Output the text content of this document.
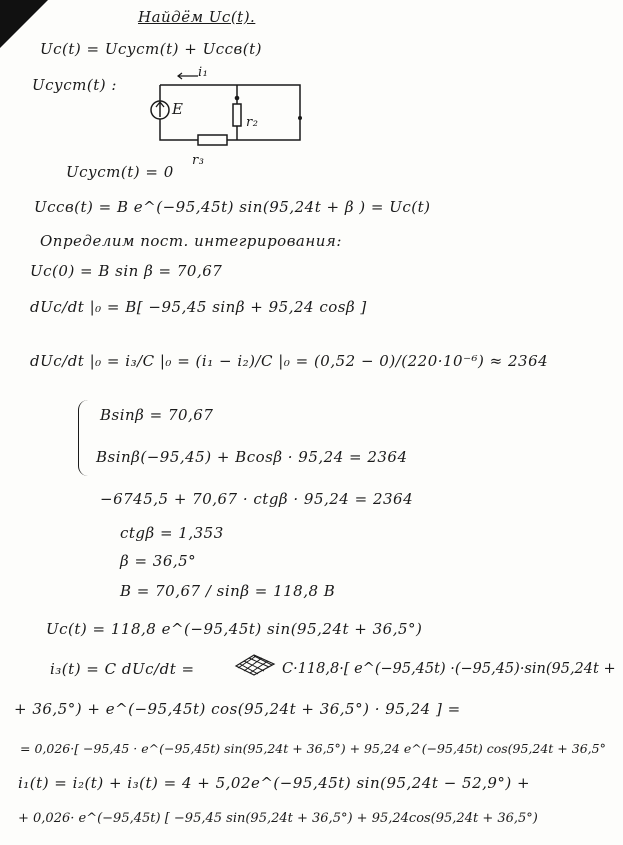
Найдём Uc(t).
Uc(t) = Ucуст(t) + Ucсв(t)
Ucуст(t) :
E
i₁
r₂
r₃
Ucуст(t) = 0
Ucсв(t) = B e^(−95,45t) sin(95,24t + β ) = Uc(t)
Определим пост. интегрирования:
Uc(0) = B sin β = 70,67
dUc/dt |₀ = B[ −95,45 sinβ + 95,24 cosβ ]
dUc/dt |₀ = i₃/C |₀ = (i₁ − i₂)/C |₀ = (0,52 − 0)/(220·10⁻⁶) ≈ 2364
Bsinβ = 70,67
Bsinβ(−95,45) + Bcosβ · 95,24 = 2364
−6745,5 + 70,67 · ctgβ · 95,24 = 2364
ctgβ = 1,353
β = 36,5°
B = 70,67 / sinβ = 118,8 B
Uc(t) = 118,8 e^(−95,45t) sin(95,24t + 36,5°)
i₃(t) = C dUc/dt =	C·118,8·[ e^(−95,45t) ·(−95,45)·sin(95,24t +
+ 36,5°) + e^(−95,45t) cos(95,24t + 36,5°) · 95,24 ] =
= 0,026·[ −95,45 · e^(−95,45t) sin(95,24t + 36,5°) + 95,24 e^(−95,45t) cos(95,24t + 36,5°
i₁(t) = i₂(t) + i₃(t) = 4 + 5,02e^(−95,45t) sin(95,24t − 52,9°) +
+ 0,026· e^(−95,45t) [ −95,45 sin(95,24t + 36,5°) + 95,24cos(95,24t + 36,5°)
